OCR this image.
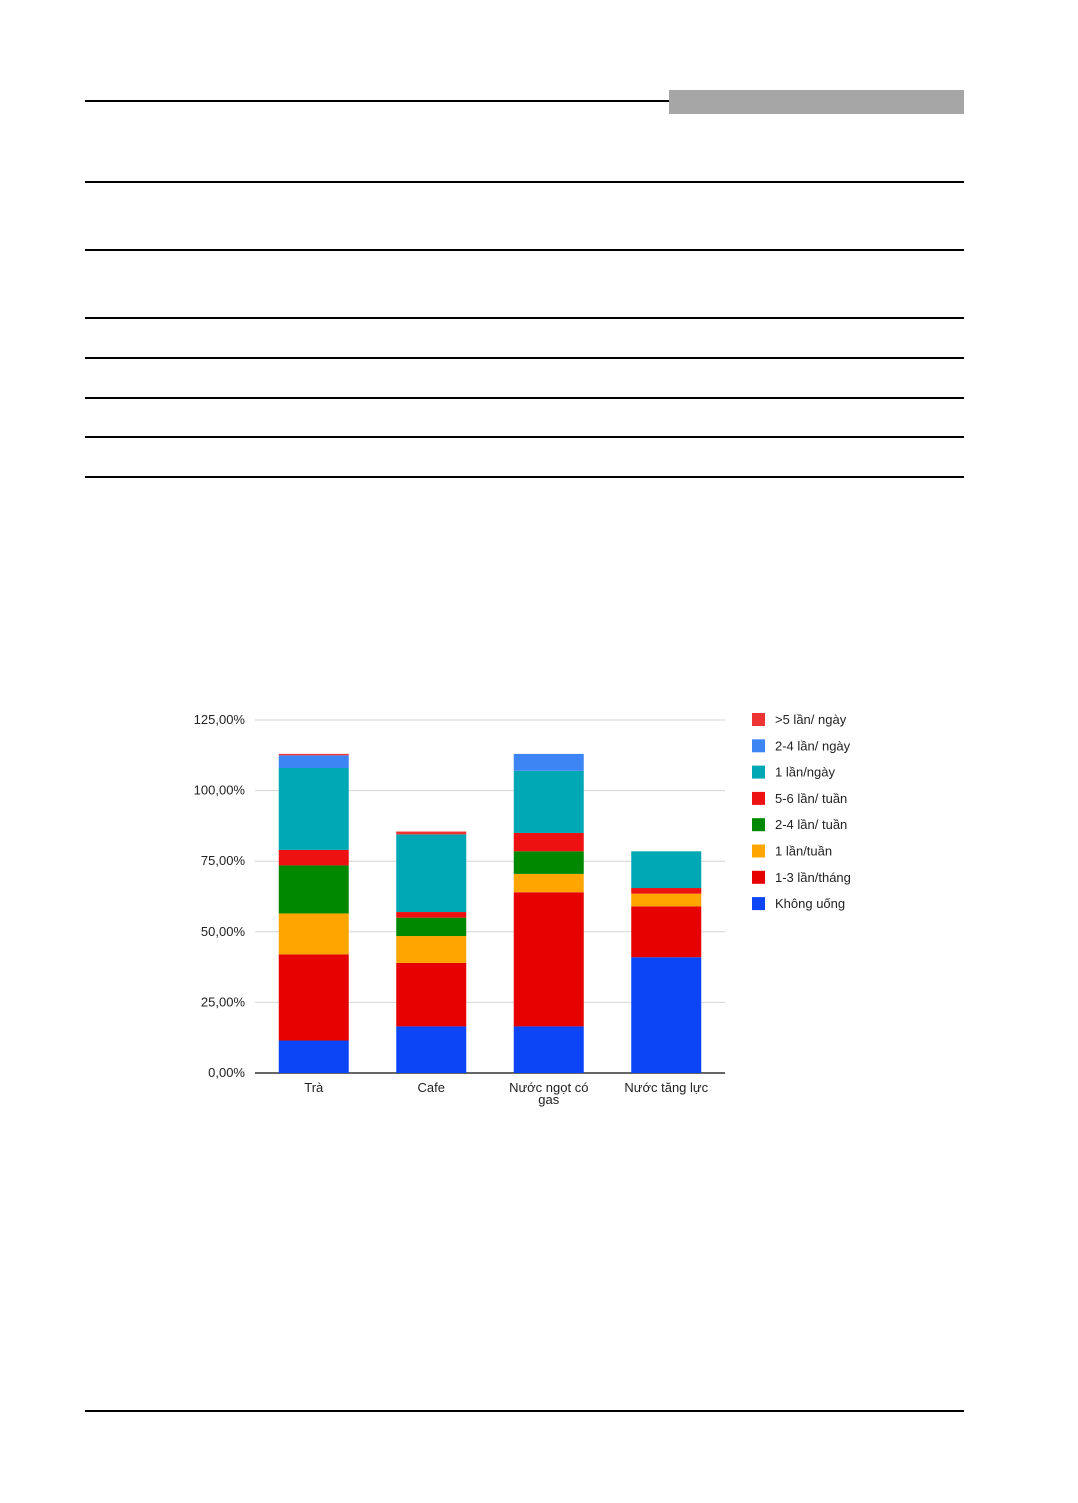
0,00%
25,00%
50,00%
75,00%
100,00%
125,00%
Trà	Cafe	Nước ngọt có
gas
Nước tăng lực
>5 lần/ ngày
2-4 lần/ ngày
1 lần/ngày
5-6 lần/ tuần
2-4 lần/ tuần
1 lần/tuần
1-3 lần/tháng
Không uống
